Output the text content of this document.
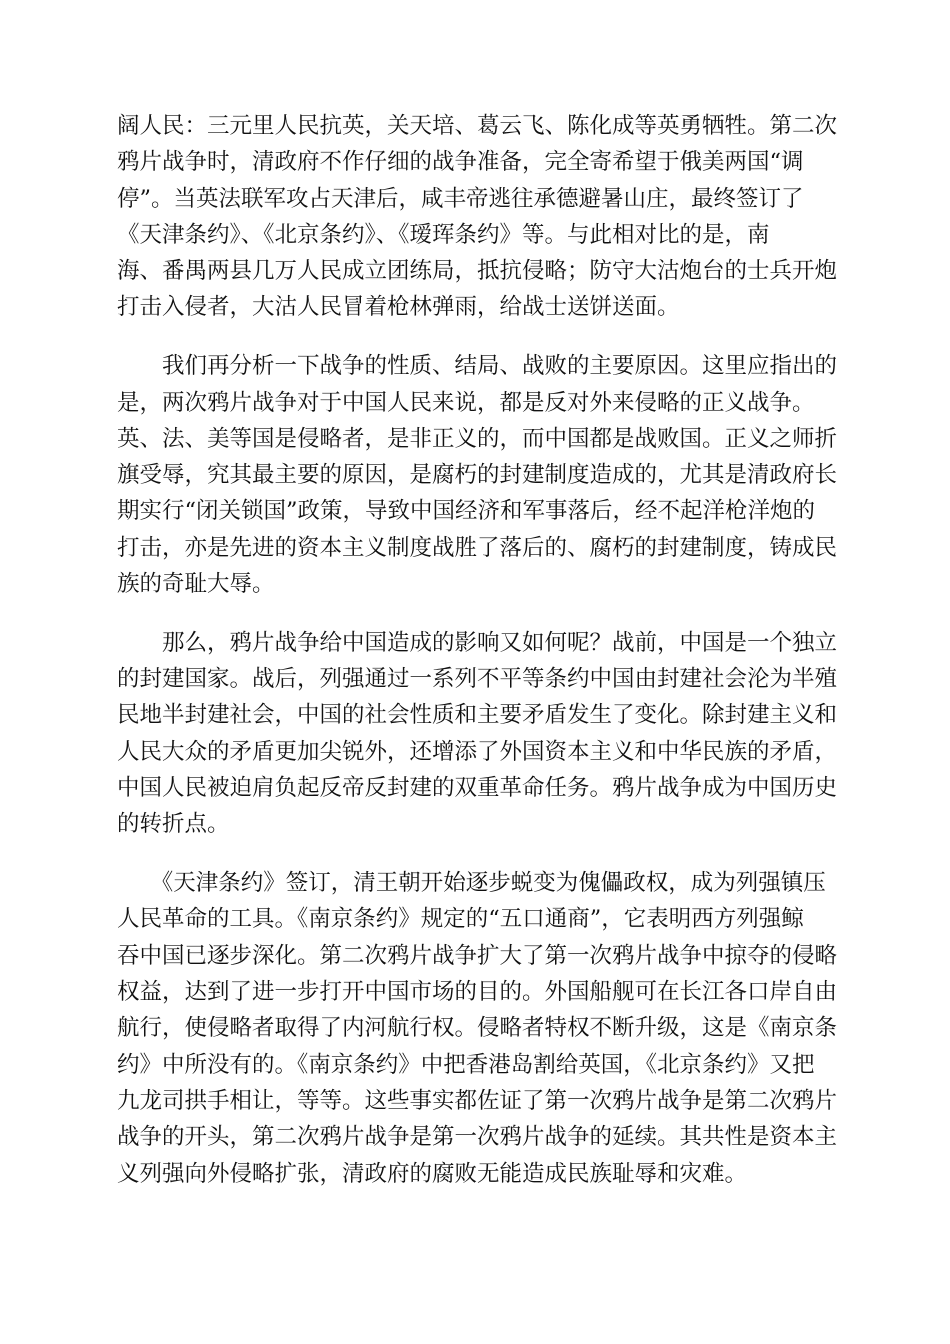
阔人民：三元里人民抗英，关天培、葛云飞、陈化成等英勇牺牲。第二次
鸦片战争时，清政府不作仔细的战争准备，完全寄希望于俄美两国“调
停”。当英法联军攻占天津后，咸丰帝逃往承德避暑山庄，最终签订了
《天津条约》、《北京条约》、《瑷珲条约》等。与此相对比的是，南
海、番禺两县几万人民成立团练局，抵抗侵略；防守大沽炮台的士兵开炮
打击入侵者，大沽人民冒着枪林弹雨，给战士送饼送面。

　　我们再分析一下战争的性质、结局、战败的主要原因。这里应指出的
是，两次鸦片战争对于中国人民来说，都是反对外来侵略的正义战争。
英、法、美等国是侵略者，是非正义的，而中国都是战败国。正义之师折
旗受辱，究其最主要的原因，是腐朽的封建制度造成的，尤其是清政府长
期实行“闭关锁国”政策，导致中国经济和军事落后，经不起洋枪洋炮的
打击，亦是先进的资本主义制度战胜了落后的、腐朽的封建制度，铸成民
族的奇耻大辱。

　　那么，鸦片战争给中国造成的影响又如何呢？战前，中国是一个独立
的封建国家。战后，列强通过一系列不平等条约中国由封建社会沦为半殖
民地半封建社会，中国的社会性质和主要矛盾发生了变化。除封建主义和
人民大众的矛盾更加尖锐外，还增添了外国资本主义和中华民族的矛盾，
中国人民被迫肩负起反帝反封建的双重革命任务。鸦片战争成为中国历史
的转折点。

　　《天津条约》签订，清王朝开始逐步蜕变为傀儡政权，成为列强镇压
人民革命的工具。《南京条约》规定的“五口通商”，它表明西方列强鲸
吞中国已逐步深化。第二次鸦片战争扩大了第一次鸦片战争中掠夺的侵略
权益，达到了进一步打开中国市场的目的。外国船舰可在长江各口岸自由
航行，使侵略者取得了内河航行权。侵略者特权不断升级，这是《南京条
约》中所没有的。《南京条约》中把香港岛割给英国，《北京条约》又把
九龙司拱手相让，等等。这些事实都佐证了第一次鸦片战争是第二次鸦片
战争的开头，第二次鸦片战争是第一次鸦片战争的延续。其共性是资本主
义列强向外侵略扩张，清政府的腐败无能造成民族耻辱和灾难。
